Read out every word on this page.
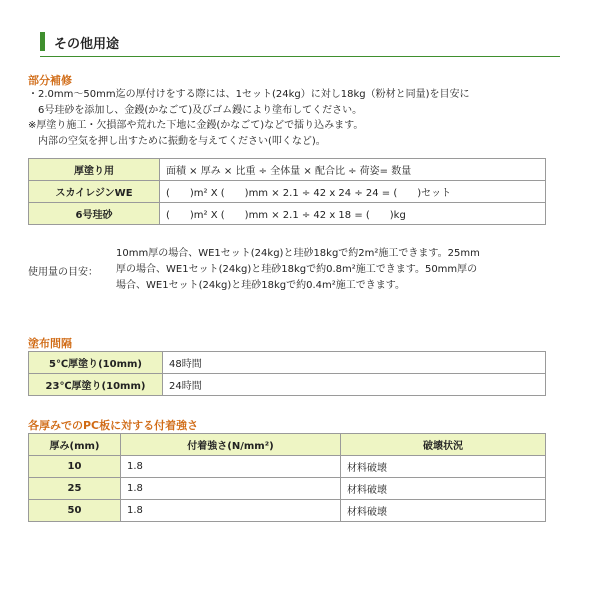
その他用途
部分補修
・2.0mm〜50mm迄の厚付けをする際には、1セット(24kg）に対し18kg（粉材と同量)を目安に
　6号珪砂を添加し、金鏝(かなごて)及びゴム鏝により塗布してください。
※厚塗り施工・欠損部や荒れた下地に金鏝(かなごて)などで擂り込みます。
　内部の空気を押し出すために振動を与えてください(叩くなど)。
厚塗り用	面積 × 厚み × 比重 ÷ 全体量 × 配合比 ÷ 荷姿= 数量
スカイレジンWE	(　　)m² X (　　)mm × 2.1 ÷ 42 x 24 ÷ 24 = (　　)セット
6号珪砂	(　　)m² X (　　)mm × 2.1 ÷ 42 x 18 = (　　)kg
使用量の目安：
10mm厚の場合、WE1セット(24kg)と珪砂18kgで約2m²施工できます。25mm
厚の場合、WE1セット(24kg)と珪砂18kgで約0.8m²施工できます。50mm厚の
場合、WE1セット(24kg)と珪砂18kgで約0.4m²施工できます。
塗布間隔
5℃厚塗り(10mm)	48時間
23℃厚塗り(10mm)	24時間
各厚みでのPC板に対する付着強さ
厚み(mm)	付着強さ(N/mm²)	破壊状況
10	1.8	材料破壊
25	1.8	材料破壊
50	1.8	材料破壊
